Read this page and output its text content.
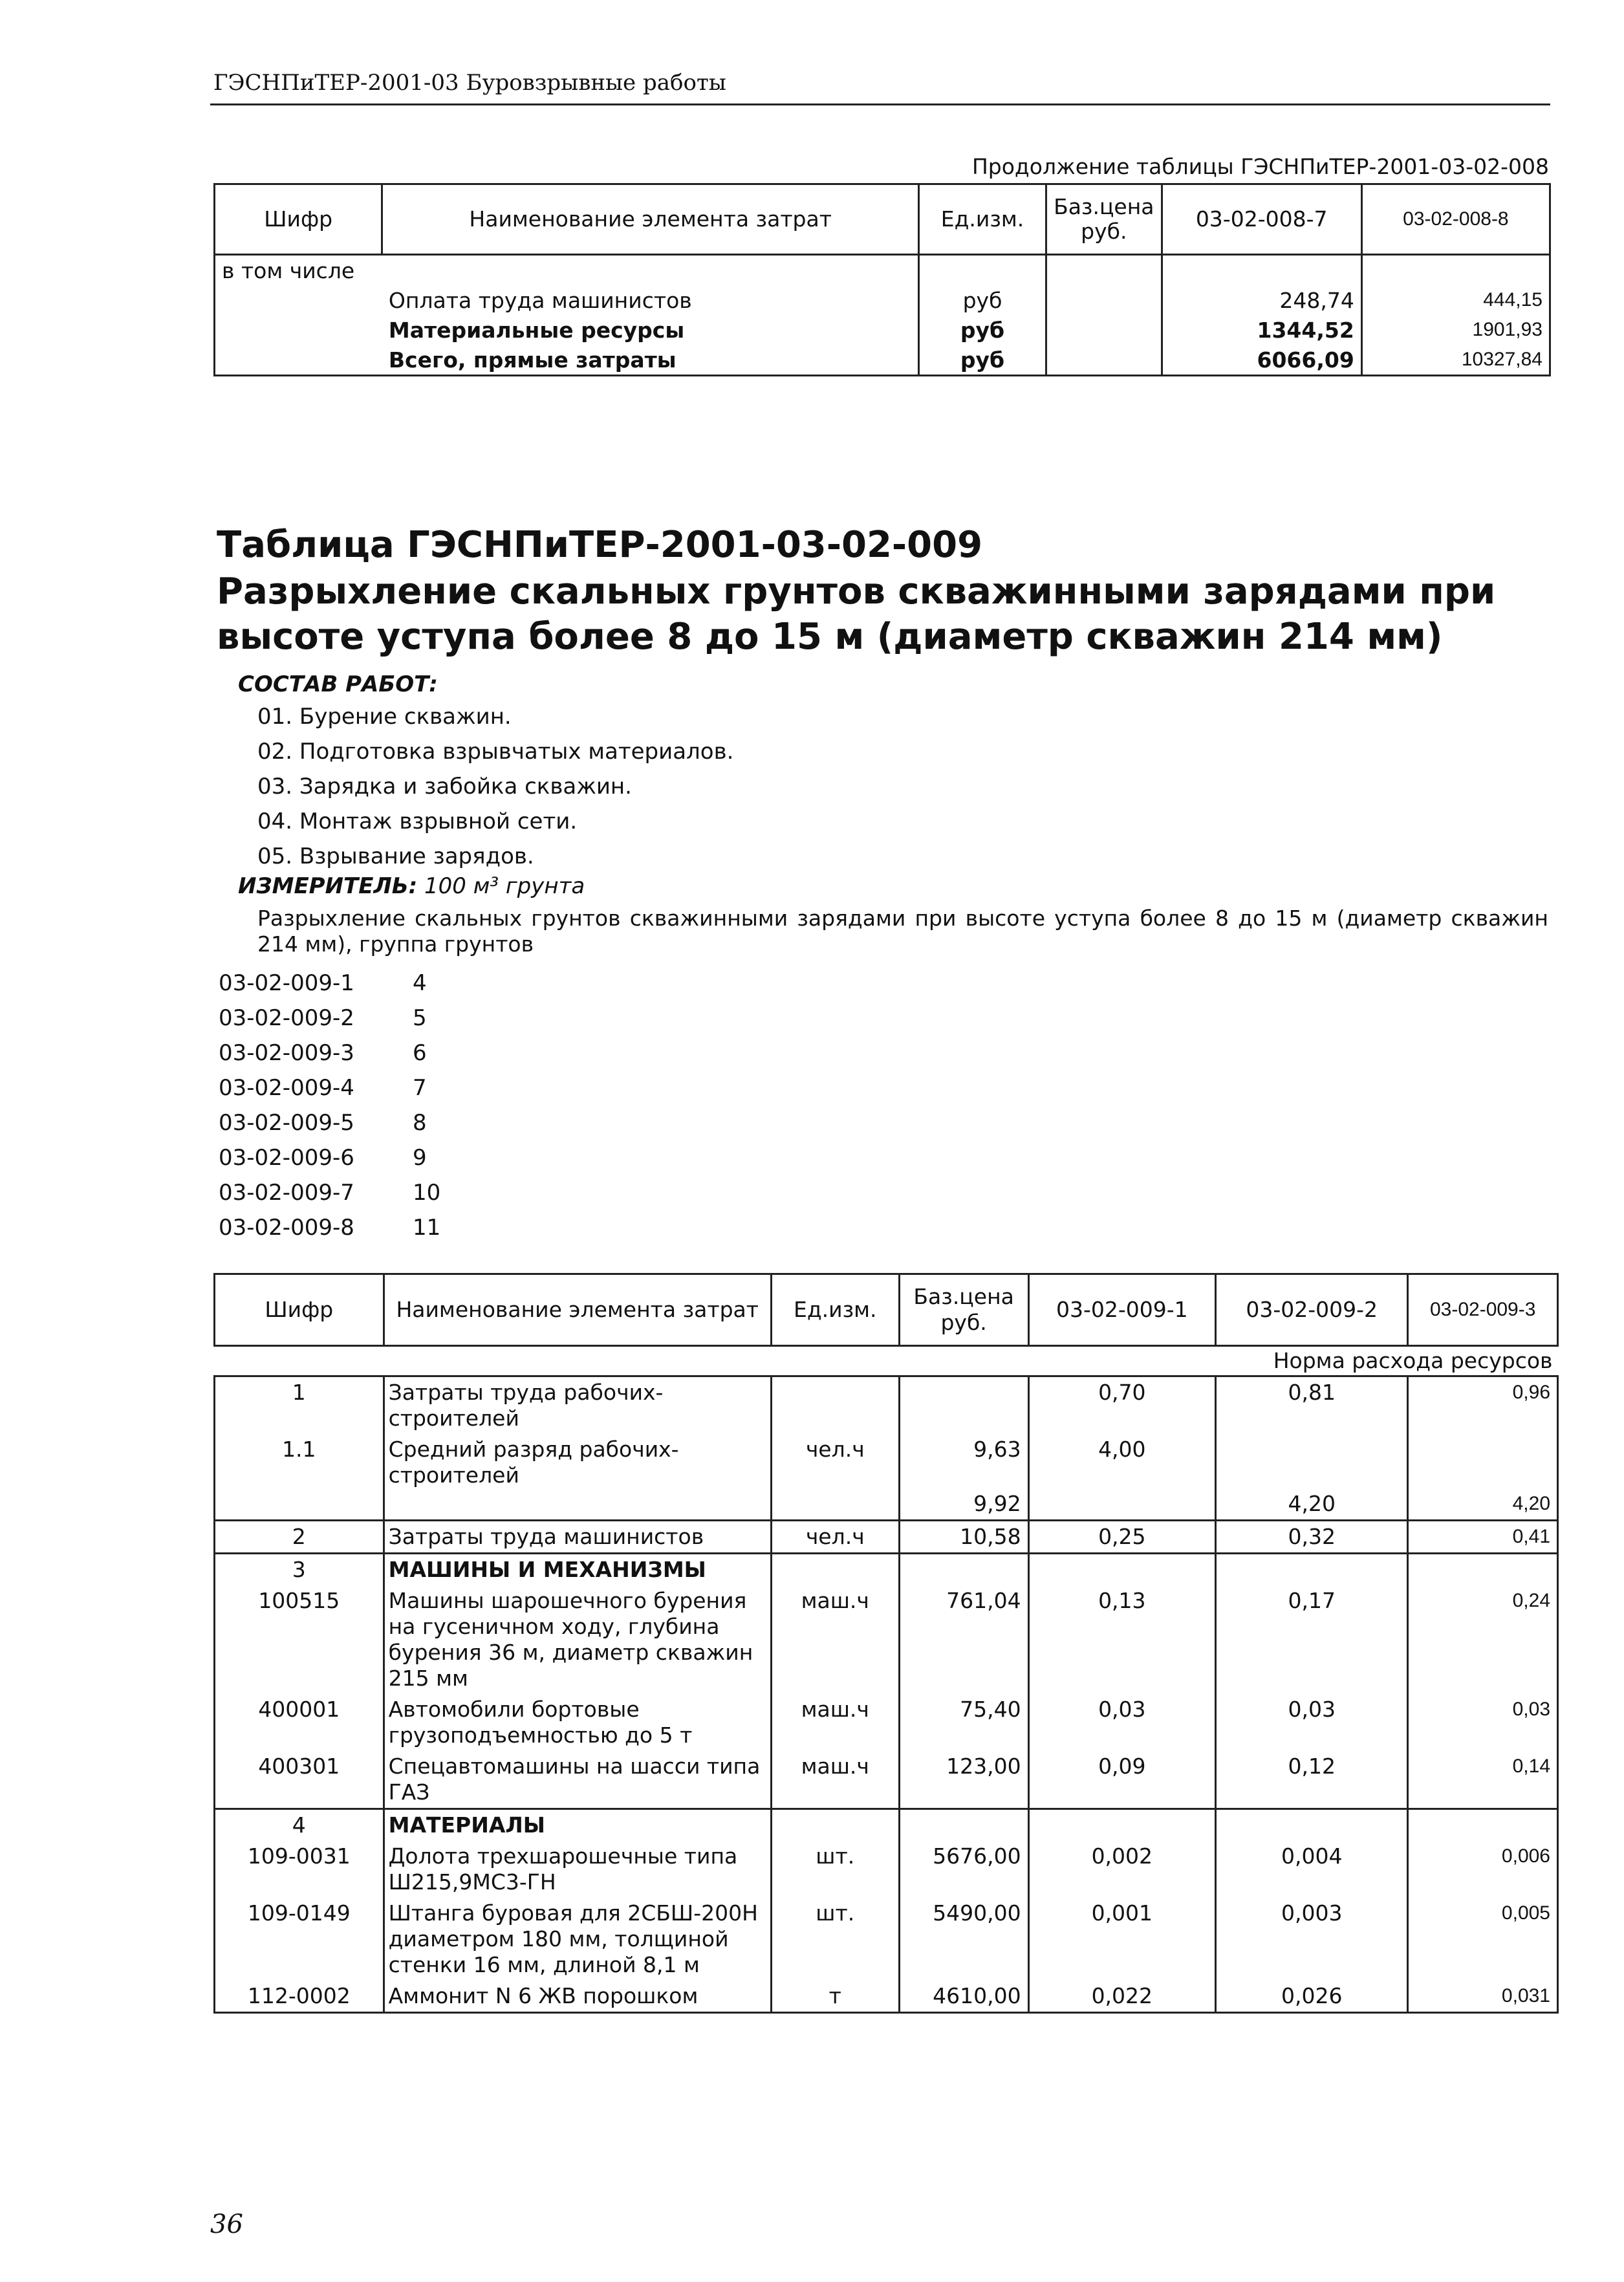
ГЭСНПиТЕР-2001-03 Буровзрывные работы
Продолжение таблицы ГЭСНПиТЕР-2001-03-02-008
Шифр	Наименование элемента затрат	Ед.изм.	Баз.цена руб.	03-02-008-7	03-02-008-8
в том числе					
	Оплата труда машинистов	руб		248,74	444,15
	Материальные ресурсы	руб		1344,52	1901,93
	Всего, прямые затраты	руб		6066,09	10327,84
Таблица ГЭСНПиТЕР-2001-03-02-009
Разрыхление скальных грунтов скважинными зарядами при высоте уступа более 8 до 15 м (диаметр скважин 214 мм)
СОСТАВ РАБОТ:
01. Бурение скважин.
02. Подготовка взрывчатых материалов.
03. Зарядка и забойка скважин.
04. Монтаж взрывной сети.
05. Взрывание зарядов.
ИЗМЕРИТЕЛЬ: 100 м³ грунта
Разрыхление скальных грунтов скважинными зарядами при высоте уступа более 8 до 15 м (диаметр скважин 214 мм), группа грунтов
03-02-009-1	4
03-02-009-2	5
03-02-009-3	6
03-02-009-4	7
03-02-009-5	8
03-02-009-6	9
03-02-009-7	10
03-02-009-8	11
Шифр	Наименование элемента затрат	Ед.изм.	Баз.цена руб.	03-02-009-1	03-02-009-2	03-02-009-3
Норма расхода ресурсов						
1	Затраты труда рабочих-строителей			0,70	0,81	0,96
1.1	Средний разряд рабочих-строителей	чел.ч	9,63	4,00		
			9,92		4,20	4,20
2	Затраты труда машинистов	чел.ч	10,58	0,25	0,32	0,41
3	МАШИНЫ И МЕХАНИЗМЫ					
100515	Машины шарошечного бурения на гусеничном ходу, глубина бурения 36 м, диаметр скважин 215 мм	маш.ч	761,04	0,13	0,17	0,24
400001	Автомобили бортовые грузоподъемностью до 5 т	маш.ч	75,40	0,03	0,03	0,03
400301	Спецавтомашины на шасси типа ГАЗ	маш.ч	123,00	0,09	0,12	0,14
4	МАТЕРИАЛЫ					
109-0031	Долота трехшарошечные типа Ш215,9МС3-ГН	шт.	5676,00	0,002	0,004	0,006
109-0149	Штанга буровая для 2СБШ-200Н диаметром 180 мм, толщиной стенки 16 мм, длиной 8,1 м	шт.	5490,00	0,001	0,003	0,005
112-0002	Аммонит N 6 ЖВ порошком	т	4610,00	0,022	0,026	0,031
36
